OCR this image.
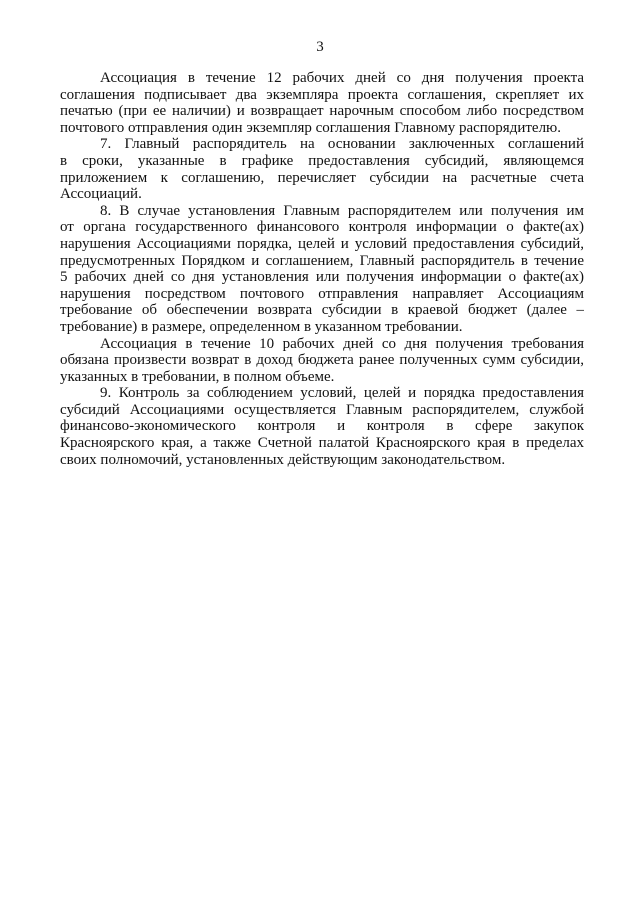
3
Ассоциация в течение 12 рабочих дней со дня получения проекта
соглашения подписывает два экземпляра проекта соглашения, скрепляет их
печатью (при ее наличии) и возвращает нарочным способом либо посредством
почтового отправления один экземпляр соглашения Главному распорядителю.
7. Главный распорядитель на основании заключенных соглашений
в сроки, указанные в графике предоставления субсидий, являющемся
приложением к соглашению, перечисляет субсидии на расчетные счета
Ассоциаций.
8. В случае установления Главным распорядителем или получения им
от органа государственного финансового контроля информации о факте(ах)
нарушения Ассоциациями порядка, целей и условий предоставления субсидий,
предусмотренных Порядком и соглашением, Главный распорядитель в течение
5 рабочих дней со дня установления или получения информации о факте(ах)
нарушения посредством почтового отправления направляет Ассоциациям
требование об обеспечении возврата субсидии в краевой бюджет (далее –
требование) в размере, определенном в указанном требовании.
Ассоциация в течение 10 рабочих дней со дня получения требования
обязана произвести возврат в доход бюджета ранее полученных сумм субсидии,
указанных в требовании, в полном объеме.
9. Контроль за соблюдением условий, целей и порядка предоставления
субсидий Ассоциациями осуществляется Главным распорядителем, службой
финансово-экономического контроля и контроля в сфере закупок
Красноярского края, а также Счетной палатой Красноярского края в пределах
своих полномочий, установленных действующим законодательством.
